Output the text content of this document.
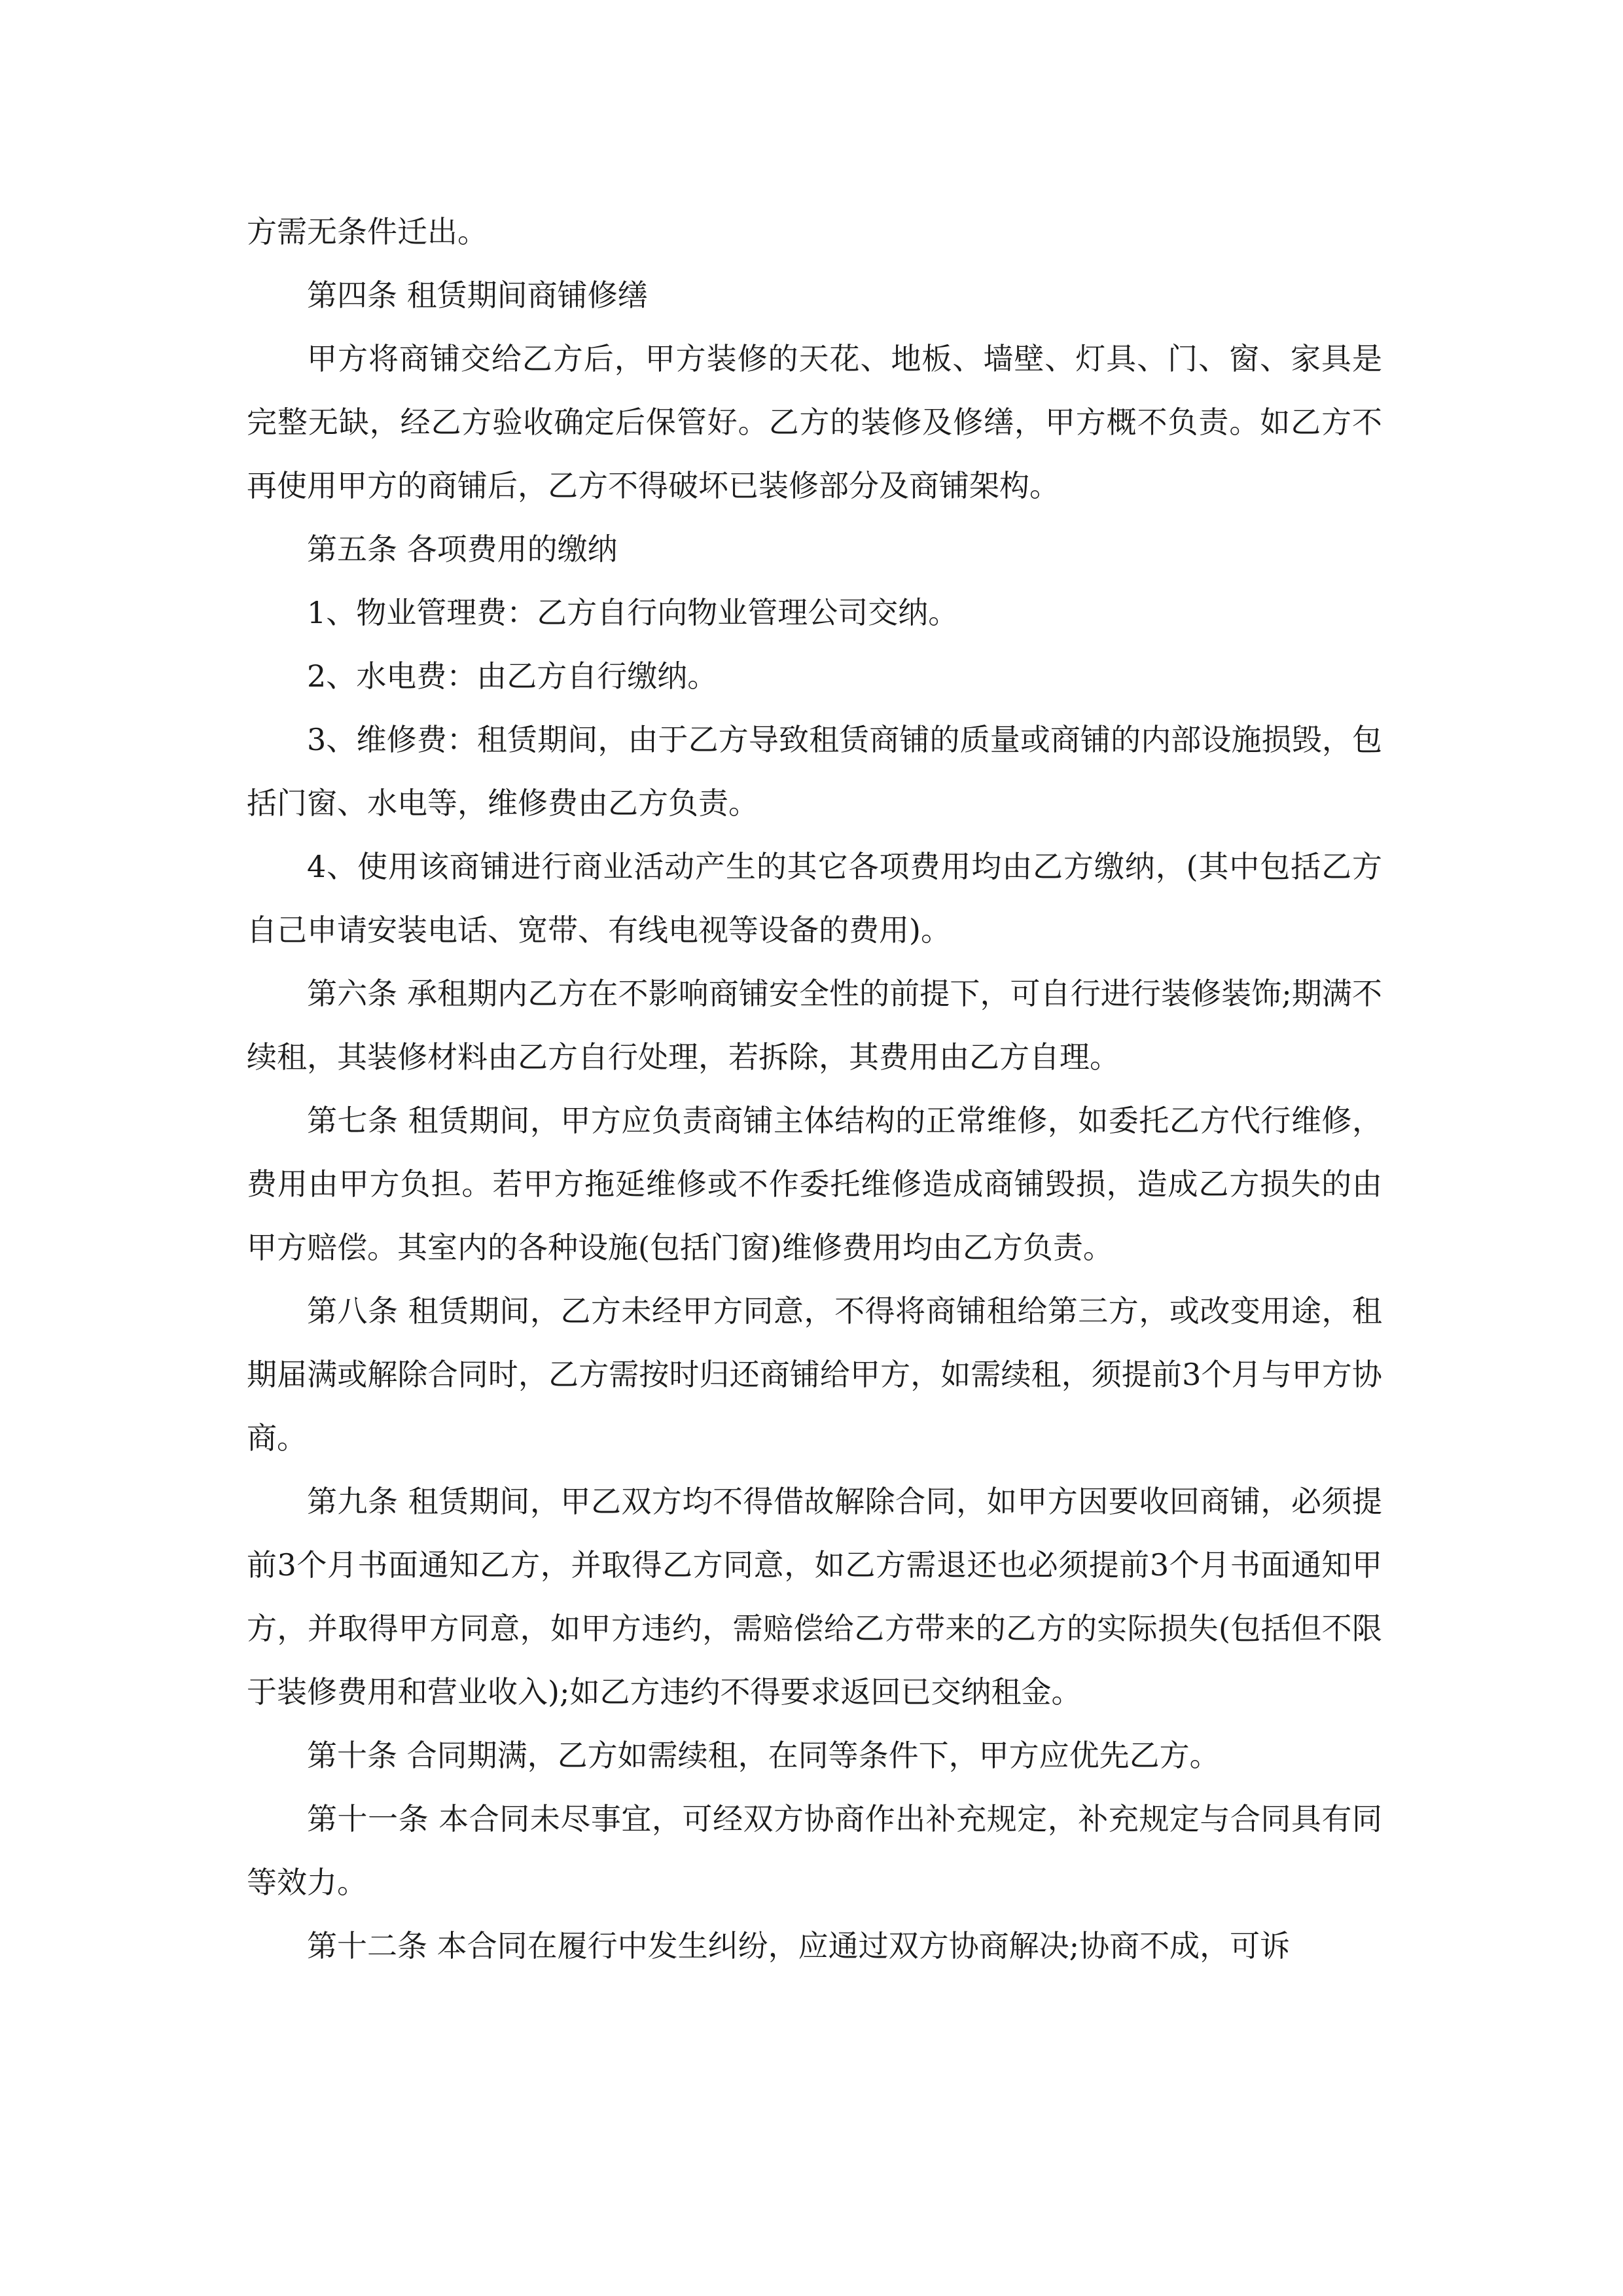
方需无条件迁出。

第四条 租赁期间商铺修缮

甲方将商铺交给乙方后，甲方装修的天花、地板、墙壁、灯具、门、窗、家具是完整无缺，经乙方验收确定后保管好。乙方的装修及修缮，甲方概不负责。如乙方不再使用甲方的商铺后，乙方不得破坏已装修部分及商铺架构。

第五条 各项费用的缴纳

1、物业管理费：乙方自行向物业管理公司交纳。

2、水电费：由乙方自行缴纳。

3、维修费：租赁期间，由于乙方导致租赁商铺的质量或商铺的内部设施损毁，包括门窗、水电等，维修费由乙方负责。

4、使用该商铺进行商业活动产生的其它各项费用均由乙方缴纳，(其中包括乙方自己申请安装电话、宽带、有线电视等设备的费用)。

第六条 承租期内乙方在不影响商铺安全性的前提下，可自行进行装修装饰;期满不续租，其装修材料由乙方自行处理，若拆除，其费用由乙方自理。

第七条 租赁期间，甲方应负责商铺主体结构的正常维修，如委托乙方代行维修，费用由甲方负担。若甲方拖延维修或不作委托维修造成商铺毁损，造成乙方损失的由甲方赔偿。其室内的各种设施(包括门窗)维修费用均由乙方负责。

第八条 租赁期间，乙方未经甲方同意，不得将商铺租给第三方，或改变用途，租期届满或解除合同时，乙方需按时归还商铺给甲方，如需续租，须提前3个月与甲方协商。

第九条 租赁期间，甲乙双方均不得借故解除合同，如甲方因要收回商铺，必须提前3个月书面通知乙方，并取得乙方同意，如乙方需退还也必须提前3个月书面通知甲方，并取得甲方同意，如甲方违约，需赔偿给乙方带来的乙方的实际损失(包括但不限于装修费用和营业收入);如乙方违约不得要求返回已交纳租金。

第十条 合同期满，乙方如需续租，在同等条件下，甲方应优先乙方。

第十一条 本合同未尽事宜，可经双方协商作出补充规定，补充规定与合同具有同等效力。

第十二条 本合同在履行中发生纠纷，应通过双方协商解决;协商不成，可诉
